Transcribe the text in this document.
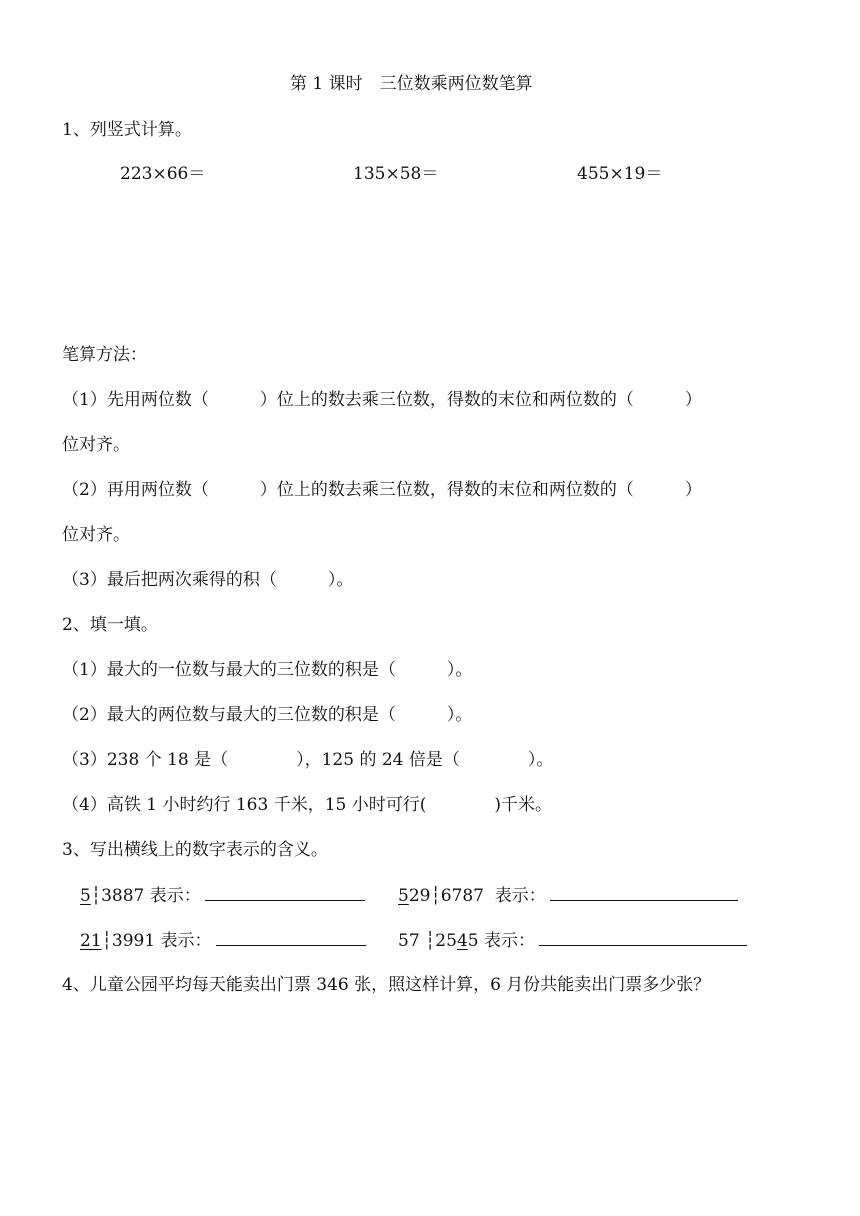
第 1 课时　三位数乘两位数笔算
1、列竖式计算。
223×66＝	135×58＝	455×19＝
笔算方法：
（1）先用两位数（　　　）位上的数去乘三位数，得数的末位和两位数的（　　　）
位对齐。
（2）再用两位数（　　　）位上的数去乘三位数，得数的末位和两位数的（　　　）
位对齐。
（3）最后把两次乘得的积（　　　）。
2、填一填。
（1）最大的一位数与最大的三位数的积是（　　　）。
（2）最大的两位数与最大的三位数的积是（　　　）。
（3）238 个 18 是（　　　　），125 的 24 倍是（　　　　）。
（4）高铁 1 小时约行 163 千米，15 小时可行(　　　　)千米。
3、写出横线上的数字表示的含义。
5┆3887 表示：	529┆6787 表示：
21┆3991 表示：	57 ┆2545 表示：
4、儿童公园平均每天能卖出门票 346 张，照这样计算，6 月份共能卖出门票多少张？
